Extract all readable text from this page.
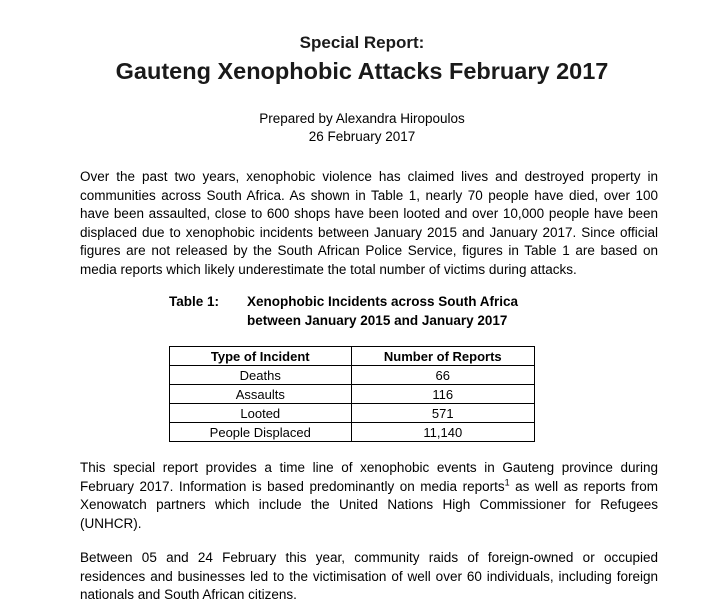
Special Report:
Gauteng Xenophobic Attacks February 2017
Prepared by Alexandra Hiropoulos
26 February 2017
Over the past two years, xenophobic violence has claimed lives and destroyed property in communities across South Africa. As shown in Table 1, nearly 70 people have died, over 100 have been assaulted, close to 600 shops have been looted and over 10,000 people have been displaced due to xenophobic incidents between January 2015 and January 2017. Since official figures are not released by the South African Police Service, figures in Table 1 are based on media reports which likely underestimate the total number of victims during attacks.
Table 1: Xenophobic Incidents across South Africa
between January 2015 and January 2017
Type of Incident	Number of Reports
Deaths	66
Assaults	116
Looted	571
People Displaced	11,140
This special report provides a time line of xenophobic events in Gauteng province during February 2017. Information is based predominantly on media reports$^1$ as well as reports from Xenowatch partners which include the United Nations High Commissioner for Refugees (UNHCR).
Between 05 and 24 February this year, community raids of foreign-owned or occupied residences and businesses led to the victimisation of well over 60 individuals, including foreign nationals and South African citizens.
